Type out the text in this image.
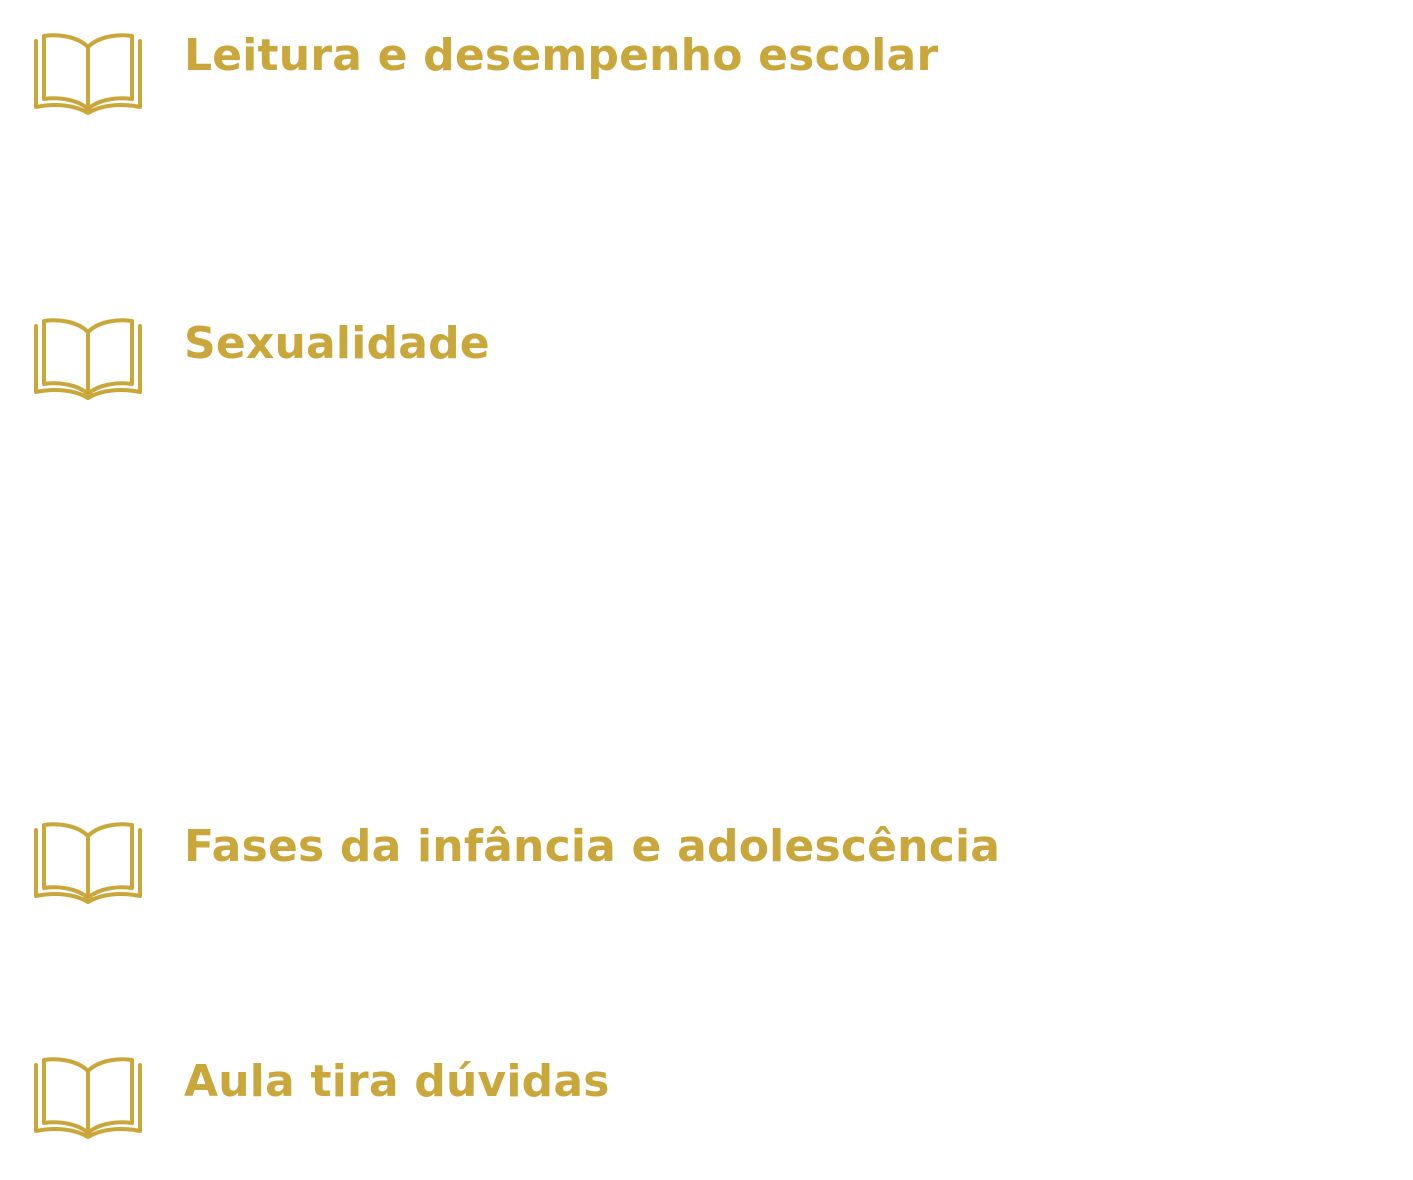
Leitura e desempenho escolar
Sexualidade
Fases da infância e adolescência
Aula tira dúvidas
